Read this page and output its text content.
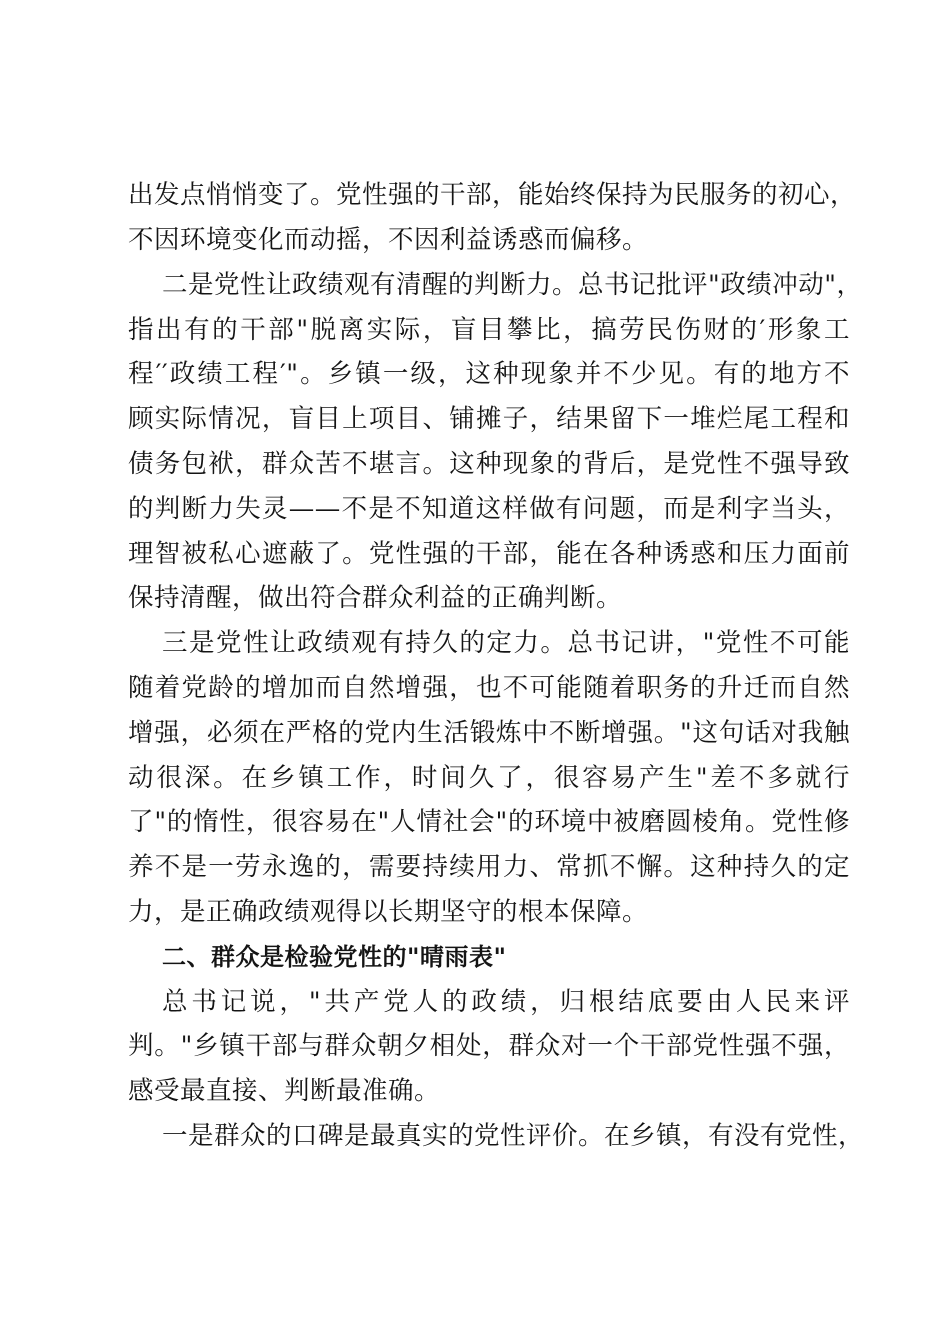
出发点悄悄变了。党性强的干部，能始终保持为民服务的初心，
不因环境变化而动摇，不因利益诱惑而偏移。
二是党性让政绩观有清醒的判断力。总书记批评"政绩冲动"，
指出有的干部"脱离实际，盲目攀比，搞劳民伤财的′形象工
程′′政绩工程′"。乡镇一级，这种现象并不少见。有的地方不
顾实际情况，盲目上项目、铺摊子，结果留下一堆烂尾工程和
债务包袱，群众苦不堪言。这种现象的背后，是党性不强导致
的判断力失灵——不是不知道这样做有问题，而是利字当头，
理智被私心遮蔽了。党性强的干部，能在各种诱惑和压力面前
保持清醒，做出符合群众利益的正确判断。
三是党性让政绩观有持久的定力。总书记讲，"党性不可能
随着党龄的增加而自然增强，也不可能随着职务的升迁而自然
增强，必须在严格的党内生活锻炼中不断增强。"这句话对我触
动很深。在乡镇工作，时间久了，很容易产生"差不多就行
了"的惰性，很容易在"人情社会"的环境中被磨圆棱角。党性修
养不是一劳永逸的，需要持续用力、常抓不懈。这种持久的定
力，是正确政绩观得以长期坚守的根本保障。
二、群众是检验党性的"晴雨表"
总书记说，"共产党人的政绩，归根结底要由人民来评
判。"乡镇干部与群众朝夕相处，群众对一个干部党性强不强，
感受最直接、判断最准确。
一是群众的口碑是最真实的党性评价。在乡镇，有没有党性，
